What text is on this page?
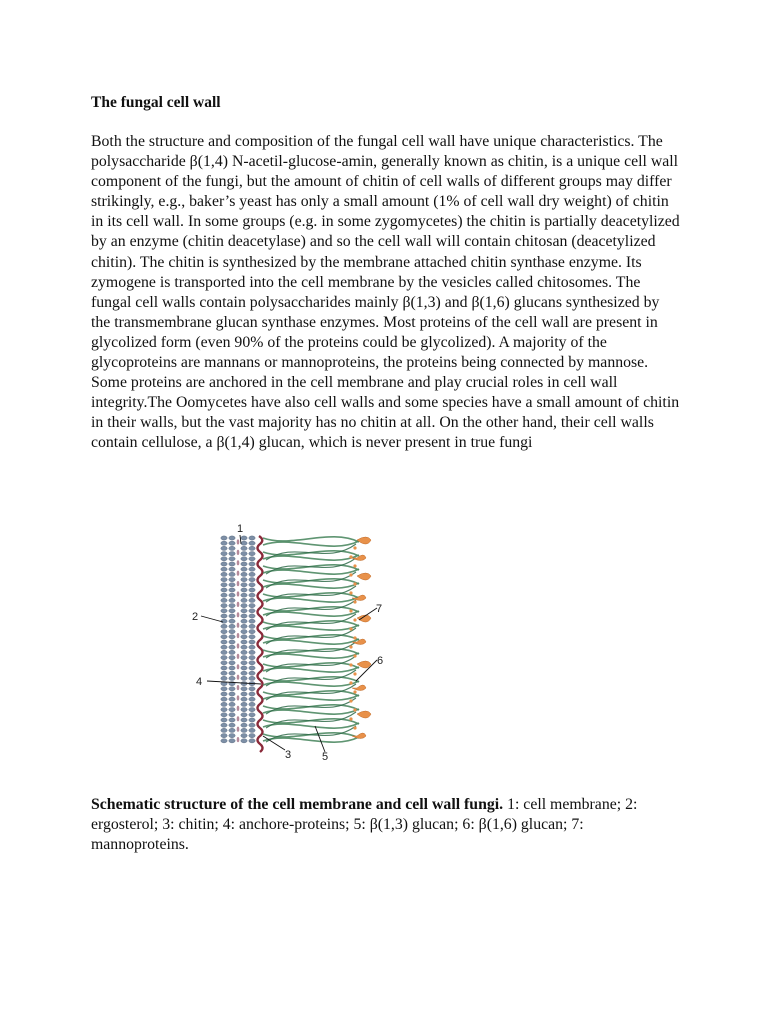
The fungal cell wall

Both the structure and composition of the fungal cell wall have unique characteristics. The polysaccharide β(1,4) N-acetil-glucose-amin, generally known as chitin, is a unique cell wall component of the fungi, but the amount of chitin of cell walls of different groups may differ strikingly, e.g., baker’s yeast has only a small amount (1% of cell wall dry weight) of chitin in its cell wall. In some groups (e.g. in some zygomycetes) the chitin is partially deacetylized by an enzyme (chitin deacetylase) and so the cell wall will contain chitosan (deacetylized chitin). The chitin is synthesized by the membrane attached chitin synthase enzyme. Its zymogene is transported into the cell membrane by the vesicles called chitosomes. The fungal cell walls contain polysaccharides mainly β(1,3) and β(1,6) glucans synthesized by the transmembrane glucan synthase enzymes. Most proteins of the cell wall are present in glycolized form (even 90% of the proteins could be glycolized). A majority of the glycoproteins are mannans or mannoproteins, the proteins being connected by mannose. Some proteins are anchored in the cell membrane and play crucial roles in cell wall integrity.The Oomycetes have also cell walls and some species have a small amount of chitin in their walls, but the vast majority has no chitin at all. On the other hand, their cell walls contain cellulose, a β(1,4) glucan, which is never present in true fungi

1
2
3
4
5
6
7

Schematic structure of the cell membrane and cell wall fungi. 1: cell membrane; 2: ergosterol; 3: chitin; 4: anchore-proteins; 5: β(1,3) glucan; 6: β(1,6) glucan; 7: mannoproteins.
